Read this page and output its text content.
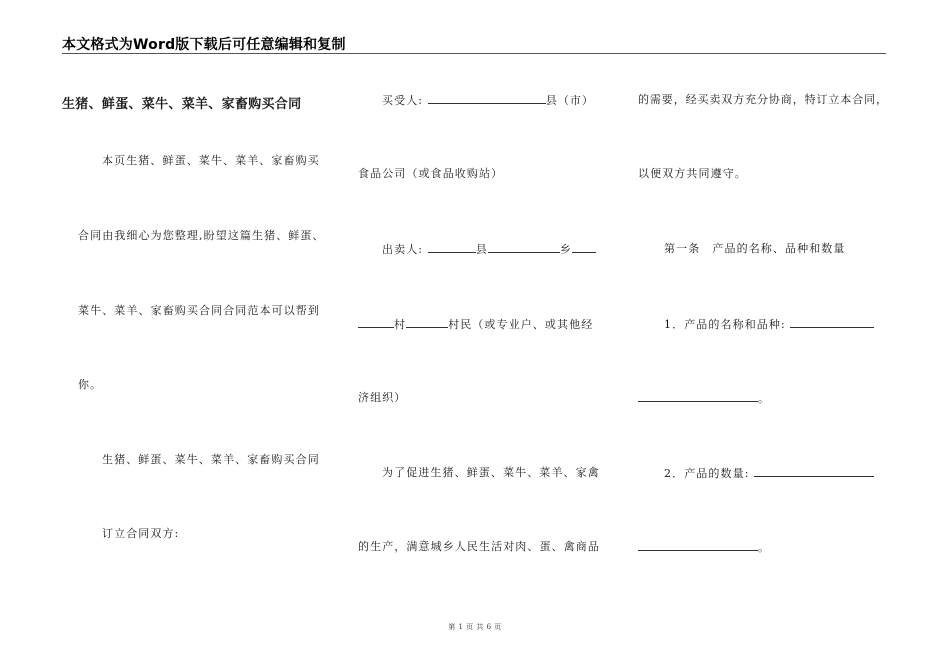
本文格式为Word版下载后可任意编辑和复制
生猪、鲜蛋、菜牛、菜羊、家畜购买合同
本页生猪、鲜蛋、菜牛、菜羊、家畜购买
合同由我细心为您整理,盼望这篇生猪、鲜蛋、
菜牛、菜羊、家畜购买合同合同范本可以帮到
你。
生猪、鲜蛋、菜牛、菜羊、家畜购买合同
订立合同双方:
买受人:	县（市）
食品公司（或食品收购站）
出卖人:	县	乡
村	村民（或专业户、或其他经
济组织）
为了促进生猪、鲜蛋、菜牛、菜羊、家禽
的生产，满意城乡人民生活对肉、蛋、禽商品
的需要，经买卖双方充分协商，特订立本合同，
以便双方共同遵守。
第一条　产品的名称、品种和数量
1．产品的名称和品种:
。
2．产品的数量:
。
第 1 页 共 6 页
